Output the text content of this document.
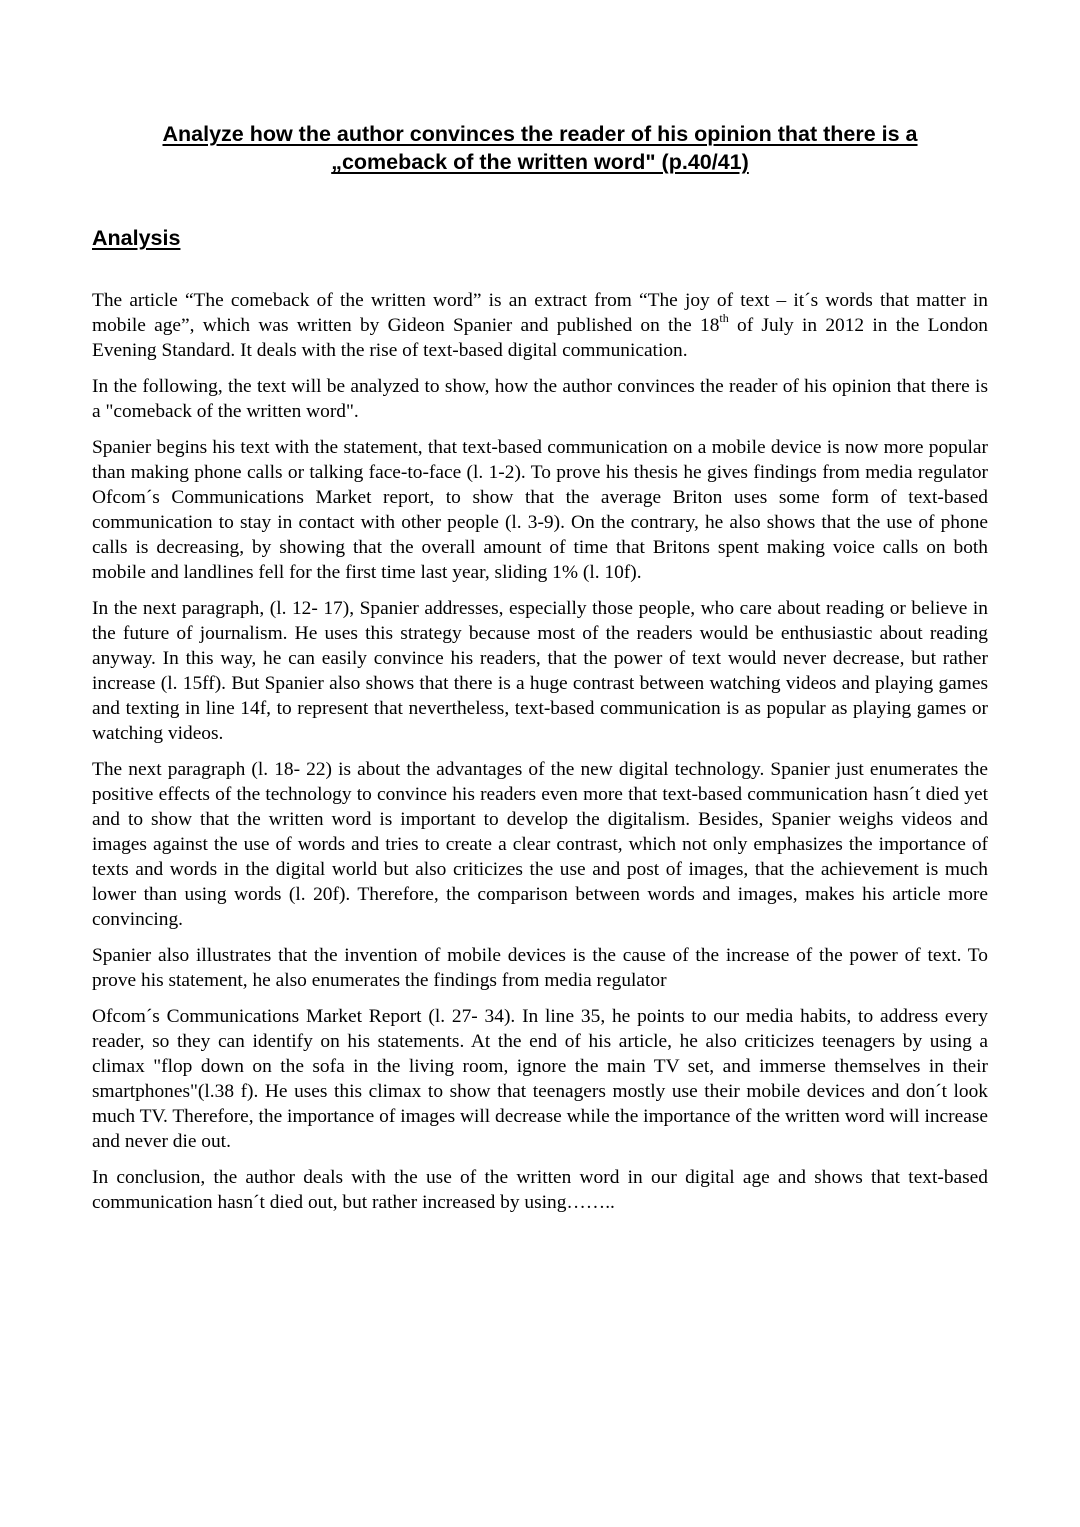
Analyze how the author convinces the reader of his opinion that there is a
„comeback of the written word" (p.40/41)
Analysis

The article “The comeback of the written word” is an extract from “The joy of text – it´s words that matter in mobile age”, which was written by Gideon Spanier and published on the 18th of July in 2012 in the London Evening Standard. It deals with the rise of text-based digital communication.

In the following, the text will be analyzed to show, how the author convinces the reader of his opinion that there is a "comeback of the written word".

Spanier begins his text with the statement, that text-based communication on a mobile device is now more popular than making phone calls or talking face-to-face (l. 1-2). To prove his thesis he gives findings from media regulator Ofcom´s Communications Market report, to show that the average Briton uses some form of text-based communication to stay in contact with other people (l. 3-9). On the contrary, he also shows that the use of phone calls is decreasing, by showing that the overall amount of time that Britons spent making voice calls on both mobile and landlines fell for the first time last year, sliding 1% (l. 10f).

In the next paragraph, (l. 12- 17), Spanier addresses, especially those people, who care about reading or believe in the future of journalism. He uses this strategy because most of the readers would be enthusiastic about reading anyway. In this way, he can easily convince his readers, that the power of text would never decrease, but rather increase (l. 15ff). But Spanier also shows that there is a huge contrast between watching videos and playing games and texting in line 14f, to represent that nevertheless, text-based communication is as popular as playing games or watching videos.

The next paragraph (l. 18- 22) is about the advantages of the new digital technology. Spanier just enumerates the positive effects of the technology to convince his readers even more that text-based communication hasn´t died yet and to show that the written word is important to develop the digitalism. Besides, Spanier weighs videos and images against the use of words and tries to create a clear contrast, which not only emphasizes the importance of texts and words in the digital world but also criticizes the use and post of images, that the achievement is much lower than using words (l. 20f). Therefore, the comparison between words and images, makes his article more convincing.

Spanier also illustrates that the invention of mobile devices is the cause of the increase of the power of text. To prove his statement, he also enumerates the findings from media regulator

Ofcom´s Communications Market Report (l. 27- 34). In line 35, he points to our media habits, to address every reader, so they can identify on his statements. At the end of his article, he also criticizes teenagers by using a climax "flop down on the sofa in the living room, ignore the main TV set, and immerse themselves in their smartphones"(l.38 f). He uses this climax to show that teenagers mostly use their mobile devices and don´t look much TV. Therefore, the importance of images will decrease while the importance of the written word will increase and never die out.

In conclusion, the author deals with the use of the written word in our digital age and shows that text-based communication hasn´t died out, but rather increased by using……..
